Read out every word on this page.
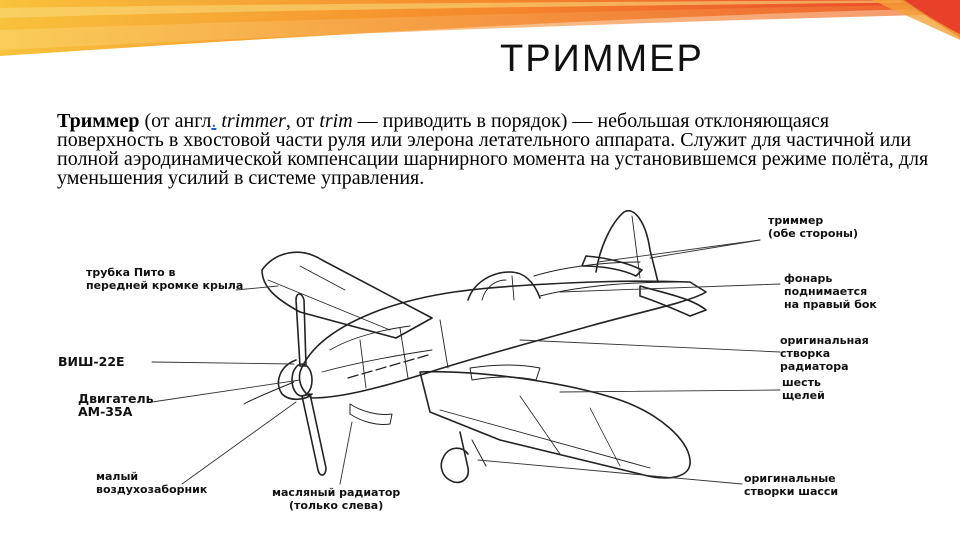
ТРИММЕР
Триммер (от англ. trimmer, от trim — приводить в порядок) — небольшая отклоняющаяся поверхность в хвостовой части руля или элерона летательного аппарата. Служит для частичной или полной аэродинамической компенсации шарнирного момента на установившемся режиме полёта, для уменьшения усилий в системе управления.
триммер
(обе стороны)
трубка Пито в
передней кромке крыла
фонарь
поднимается
на правый бок
ВИШ-22Е
оригинальная
створка
радиатора
Двигатель
АМ-35А
шесть
щелей
малый
воздухозаборник	масляный радиатор
(только слева)
оригинальные
створки шасси
